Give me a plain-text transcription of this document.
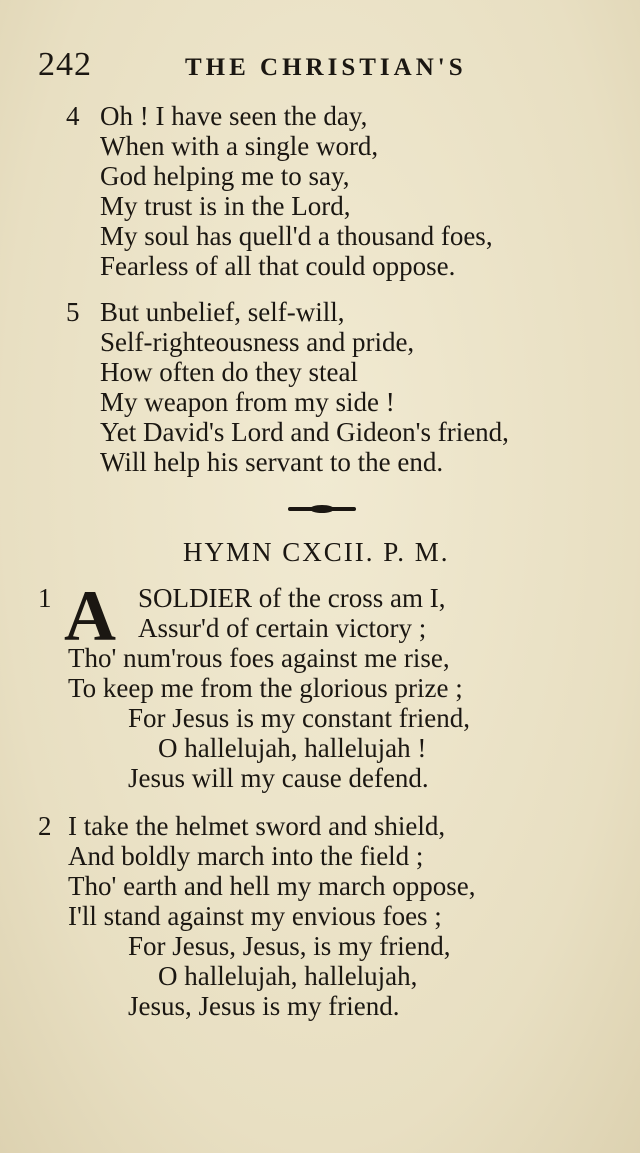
242	THE CHRISTIAN'S
4 Oh ! I have seen the day,
When with a single word,
God helping me to say,
My trust is in the Lord,
My soul has quell'd a thousand foes,
Fearless of all that could oppose.
5 But unbelief, self-will,
Self-righteousness and pride,
How often do they steal
My weapon from my side !
Yet David's Lord and Gideon's friend,
Will help his servant to the end.
HYMN CXCII. P. M.
1 A SOLDIER of the cross am I,
Assur'd of certain victory ;
Tho' num'rous foes against me rise,
To keep me from the glorious prize ;
For Jesus is my constant friend,
O hallelujah, hallelujah !
Jesus will my cause defend.
2 I take the helmet sword and shield,
And boldly march into the field ;
Tho' earth and hell my march oppose,
I'll stand against my envious foes ;
For Jesus, Jesus, is my friend,
O hallelujah, hallelujah,
Jesus, Jesus is my friend.
